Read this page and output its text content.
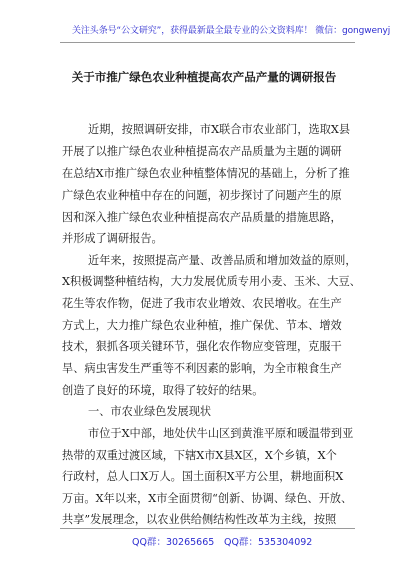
关注头条号“公文研究”，获得最新最全最专业的公文资料库！ 微信：gongwenyj
关于市推广绿色农业种植提高农产品产量的调研报告
近期，按照调研安排，市X联合市农业部门，选取X县
开展了以推广绿色农业种植提高农产品质量为主题的调研
在总结X市推广绿色农业种植整体情况的基础上，分析了推
广绿色农业种植中存在的问题，初步探讨了问题产生的原
因和深入推广绿色农业种植提高农产品质量的措施思路，
并形成了调研报告。
近年来，按照提高产量、改善品质和增加效益的原则，
X积极调整种植结构，大力发展优质专用小麦、玉米、大豆、
花生等农作物，促进了我市农业增效、农民增收。在生产
方式上，大力推广绿色农业种植，推广保优、节本、增效
技术，狠抓各项关键环节，强化农作物应变管理，克服干
旱、病虫害发生严重等不利因素的影响，为全市粮食生产
创造了良好的环境，取得了较好的结果。
一、市农业绿色发展现状
市位于X中部，地处伏牛山区到黄淮平原和暖温带到亚
热带的双重过渡区域，下辖X市X县X区，X个乡镇，X个
行政村，总人口X万人。国土面积X平方公里，耕地面积X
万亩。X年以来，X市全面贯彻“创新、协调、绿色、开放、
共享”发展理念，以农业供给侧结构性改革为主线，按照
QQ群：30265665 QQ群：535304092
